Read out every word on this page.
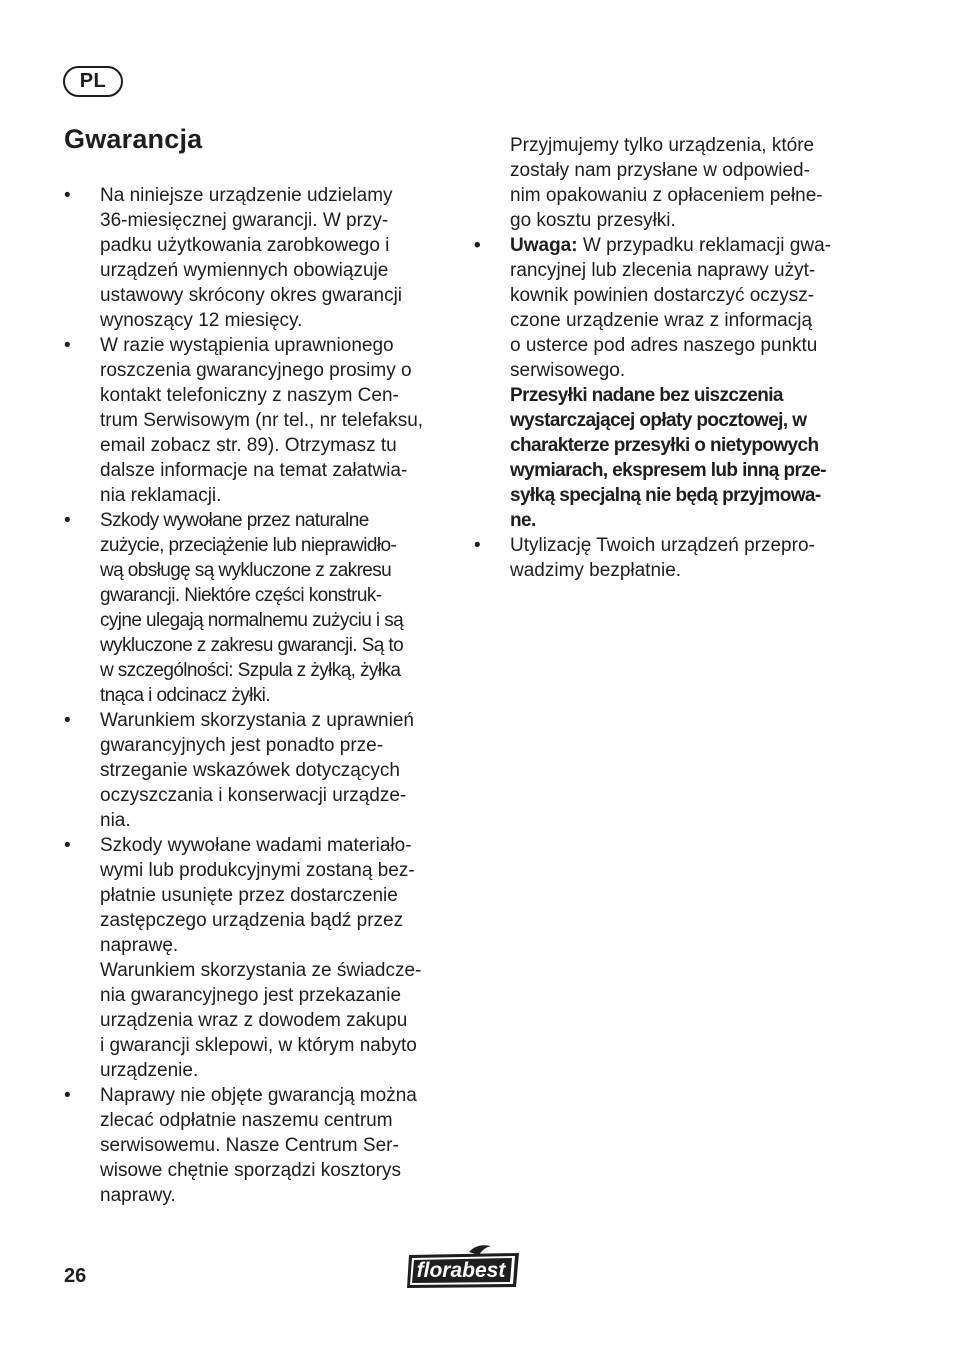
PL
Gwarancja
• Na niniejsze urządzenie udzielamy
36-miesięcznej gwarancji. W przy-
padku użytkowania zarobkowego i
urządzeń wymiennych obowiązuje
ustawowy skrócony okres gwarancji
wynoszący 12 miesięcy.
• W razie wystąpienia uprawnionego
roszczenia gwarancyjnego prosimy o
kontakt telefoniczny z naszym Cen-
trum Serwisowym (nr tel., nr telefaksu,
email zobacz str. 89). Otrzymasz tu
dalsze informacje na temat załatwia-
nia reklamacji.
• Szkody wywołane przez naturalne
zużycie, przeciążenie lub nieprawidło-
wą obsługę są wykluczone z zakresu
gwarancji. Niektóre części konstruk-
cyjne ulegają normalnemu zużyciu i są
wykluczone z zakresu gwarancji. Są to
w szczególności: Szpula z żyłką, żyłka
tnąca i odcinacz żyłki.
• Warunkiem skorzystania z uprawnień
gwarancyjnych jest ponadto prze-
strzeganie wskazówek dotyczących
oczyszczania i konserwacji urządze-
nia.
• Szkody wywołane wadami materiało-
wymi lub produkcyjnymi zostaną bez-
płatnie usunięte przez dostarczenie
zastępczego urządzenia bądź przez
naprawę.
Warunkiem skorzystania ze świadcze-
nia gwarancyjnego jest przekazanie
urządzenia wraz z dowodem zakupu
i gwarancji sklepowi, w którym nabyto
urządzenie.
• Naprawy nie objęte gwarancją można
zlecać odpłatnie naszemu centrum
serwisowemu. Nasze Centrum Ser-
wisowe chętnie sporządzi kosztorys
naprawy.
Przyjmujemy tylko urządzenia, które
zostały nam przysłane w odpowied-
nim opakowaniu z opłaceniem pełne-
go kosztu przesyłki.
• Uwaga: W przypadku reklamacji gwa-
rancyjnej lub zlecenia naprawy użyt-
kownik powinien dostarczyć oczysz-
czone urządzenie wraz z informacją
o usterce pod adres naszego punktu
serwisowego.
Przesyłki nadane bez uiszczenia
wystarczającej opłaty pocztowej, w
charakterze przesyłki o nietypowych
wymiarach, ekspresem lub inną prze-
syłką specjalną nie będą przyjmowa-
ne.
• Utylizację Twoich urządzeń przepro-
wadzimy bezpłatnie.
26	florabest
